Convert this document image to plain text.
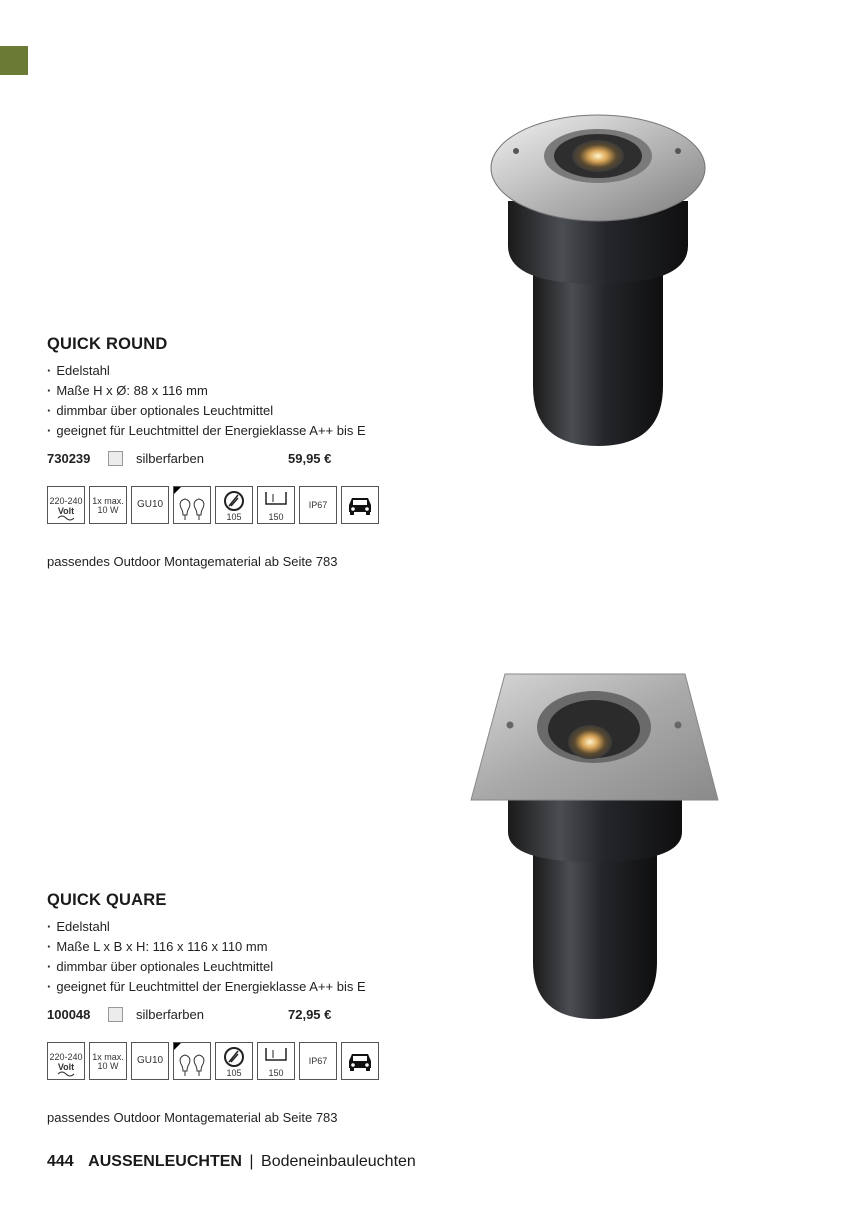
QUICK ROUND
· Edelstahl
· Maße H x Ø: 88 x 116 mm
· dimmbar über optionales Leuchtmittel
· geeignet für Leuchtmittel der Energieklasse A++ bis E
730239	silberfarben	59,95 €
220-240
Volt
1x max.
10 W	GU10
105	150
IP67
passendes Outdoor Montagematerial ab Seite 783
QUICK QUARE
· Edelstahl
· Maße L x B x H: 116 x 116 x 110 mm
· dimmbar über optionales Leuchtmittel
· geeignet für Leuchtmittel der Energieklasse A++ bis E
100048	silberfarben	72,95 €
220-240
Volt
1x max.
10 W	GU10
105	150
IP67
passendes Outdoor Montagematerial ab Seite 783
444 AUSSENLEUCHTEN | Bodeneinbauleuchten
